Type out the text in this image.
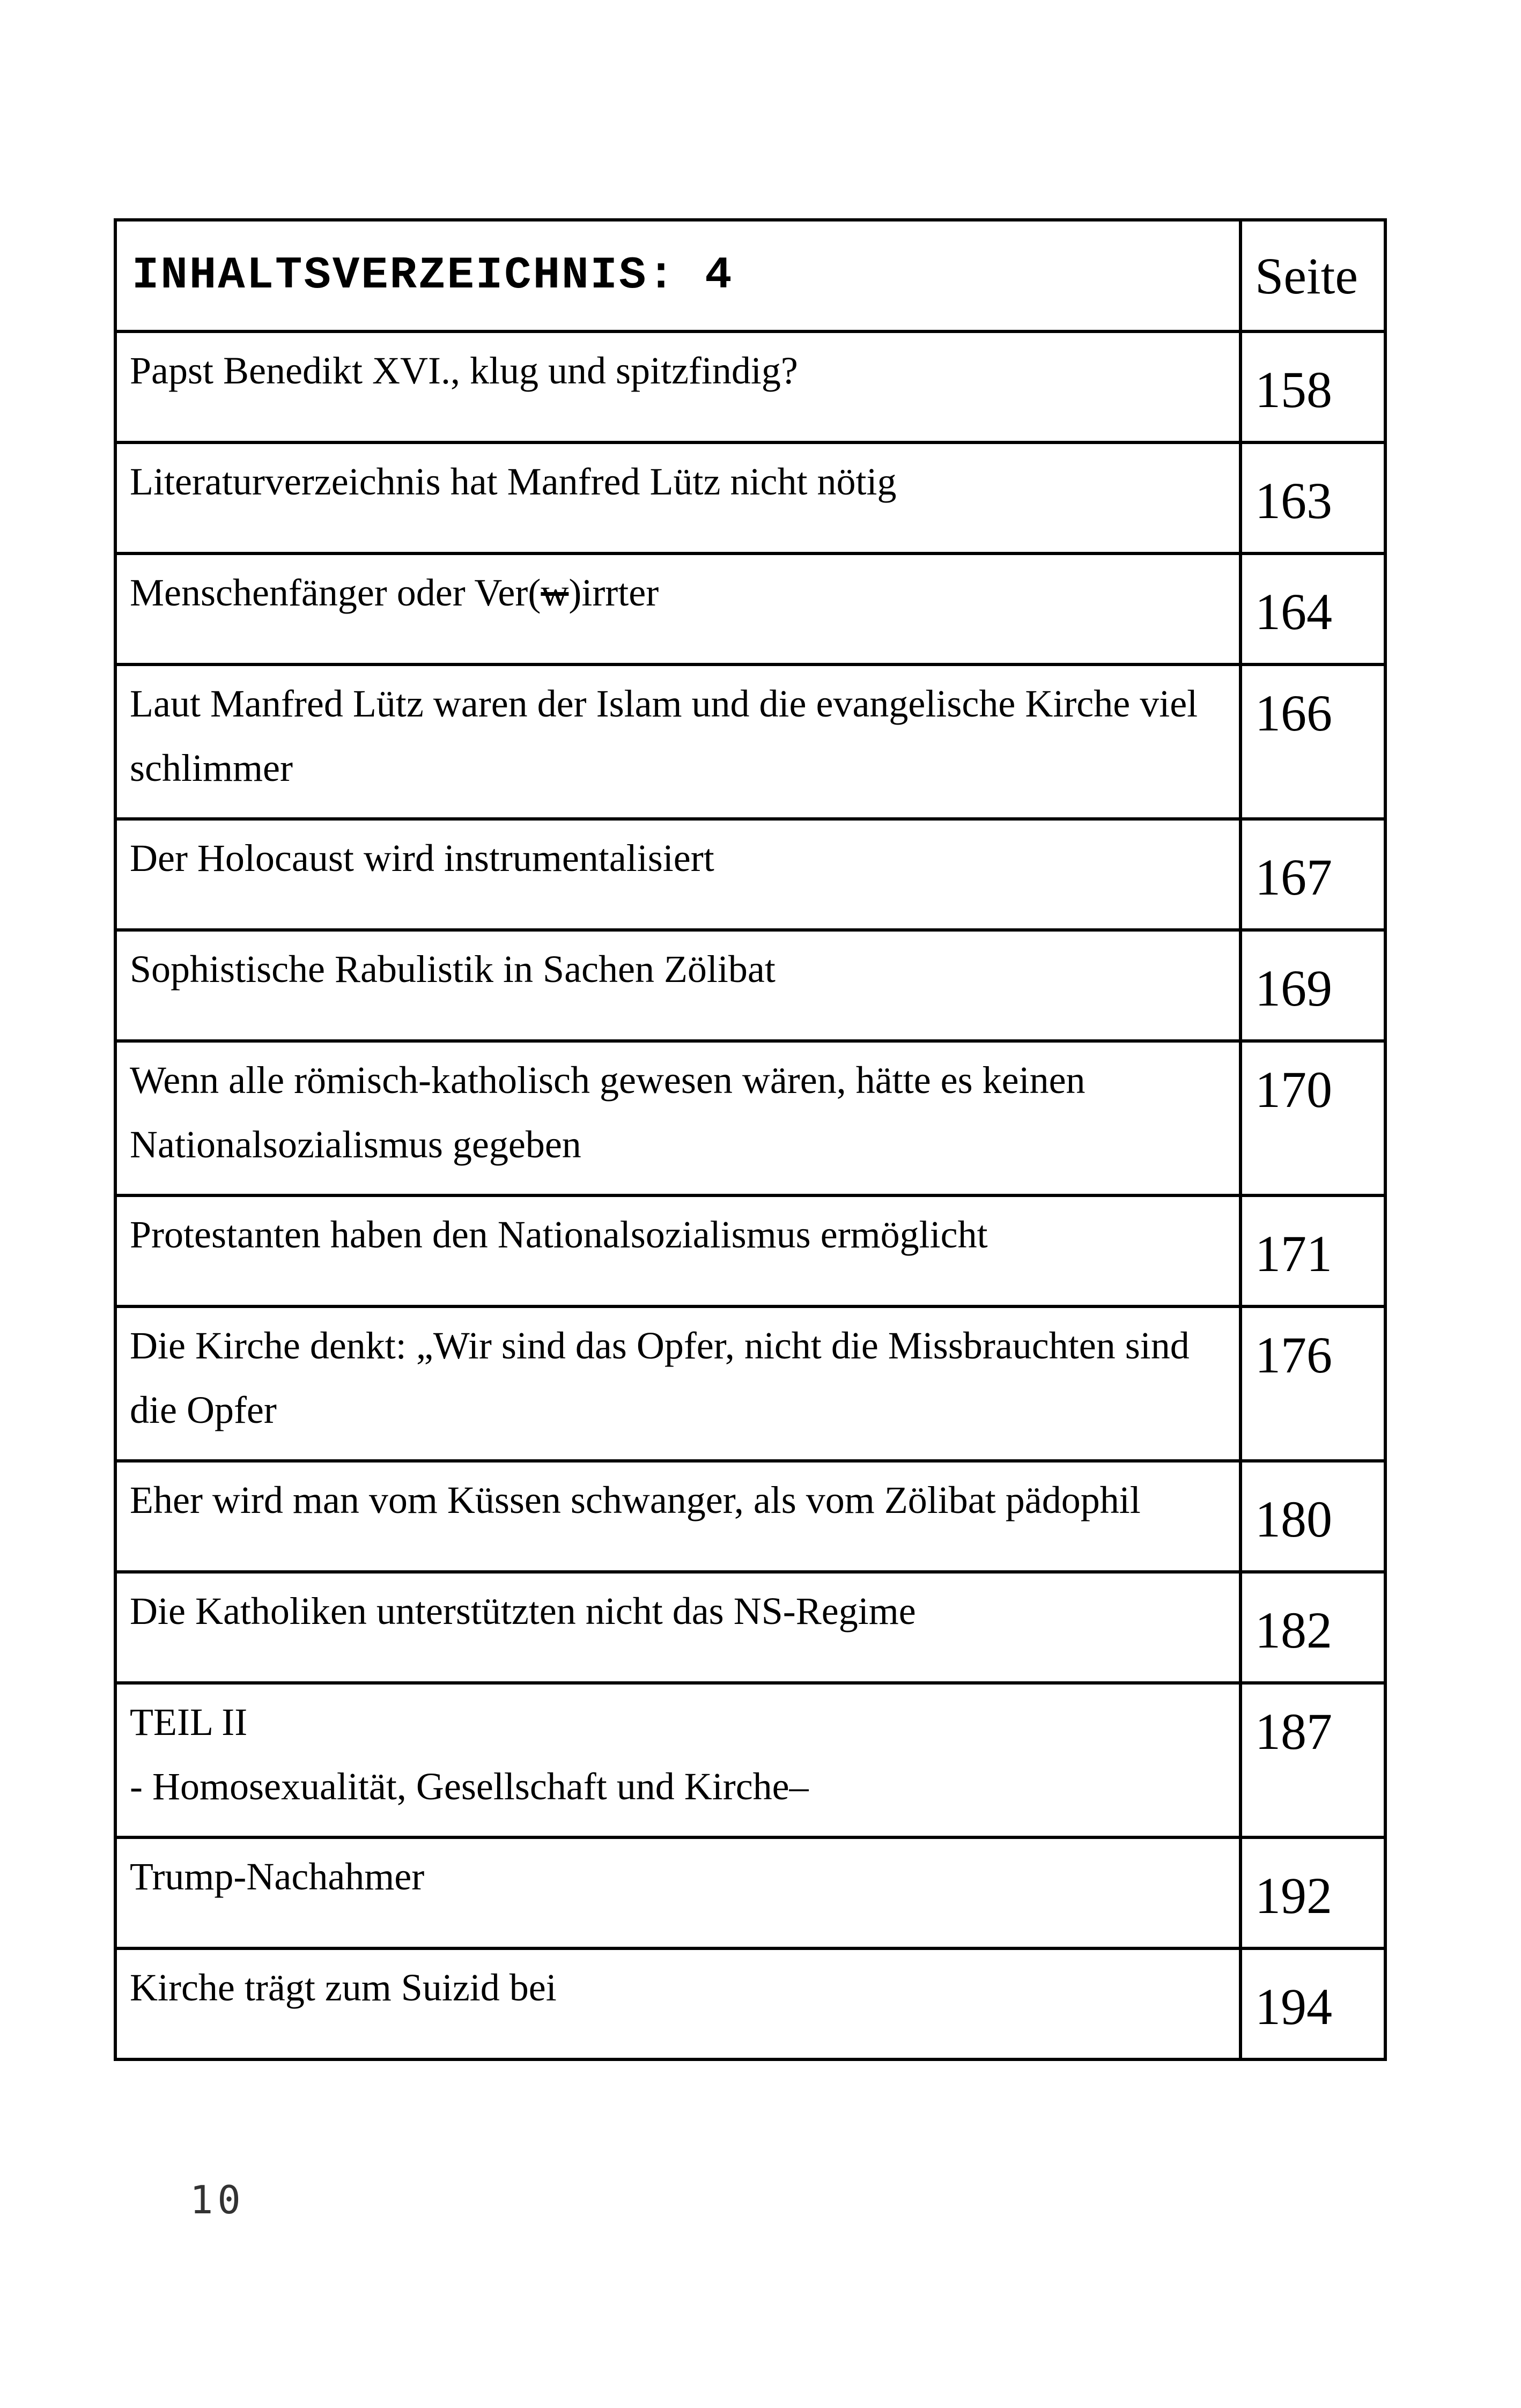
INHALTSVERZEICHNIS: 4	Seite

Papst Benedikt XVI., klug und spitzfindig?	158

Literaturverzeichnis hat Manfred Lütz nicht nötig	163

Menschenfänger oder Ver(w)irrter	164

Laut Manfred Lütz waren der Islam und die evangelische Kirche viel schlimmer	166

Der Holocaust wird instrumentalisiert	167

Sophistische Rabulistik in Sachen Zölibat	169

Wenn alle römisch-katholisch gewesen wären, hätte es keinen Nationalsozialismus gegeben	170

Protestanten haben den Nationalsozialismus ermöglicht	171

Die Kirche denkt: „Wir sind das Opfer, nicht die Missbrauchten sind die Opfer	176

Eher wird man vom Küssen schwanger, als vom Zölibat pädophil	180

Die Katholiken unterstützten nicht das NS-Regime	182

TEIL II
- Homosexualität, Gesellschaft und Kirche–	187

Trump-Nachahmer	192

Kirche trägt zum Suizid bei	194
10
